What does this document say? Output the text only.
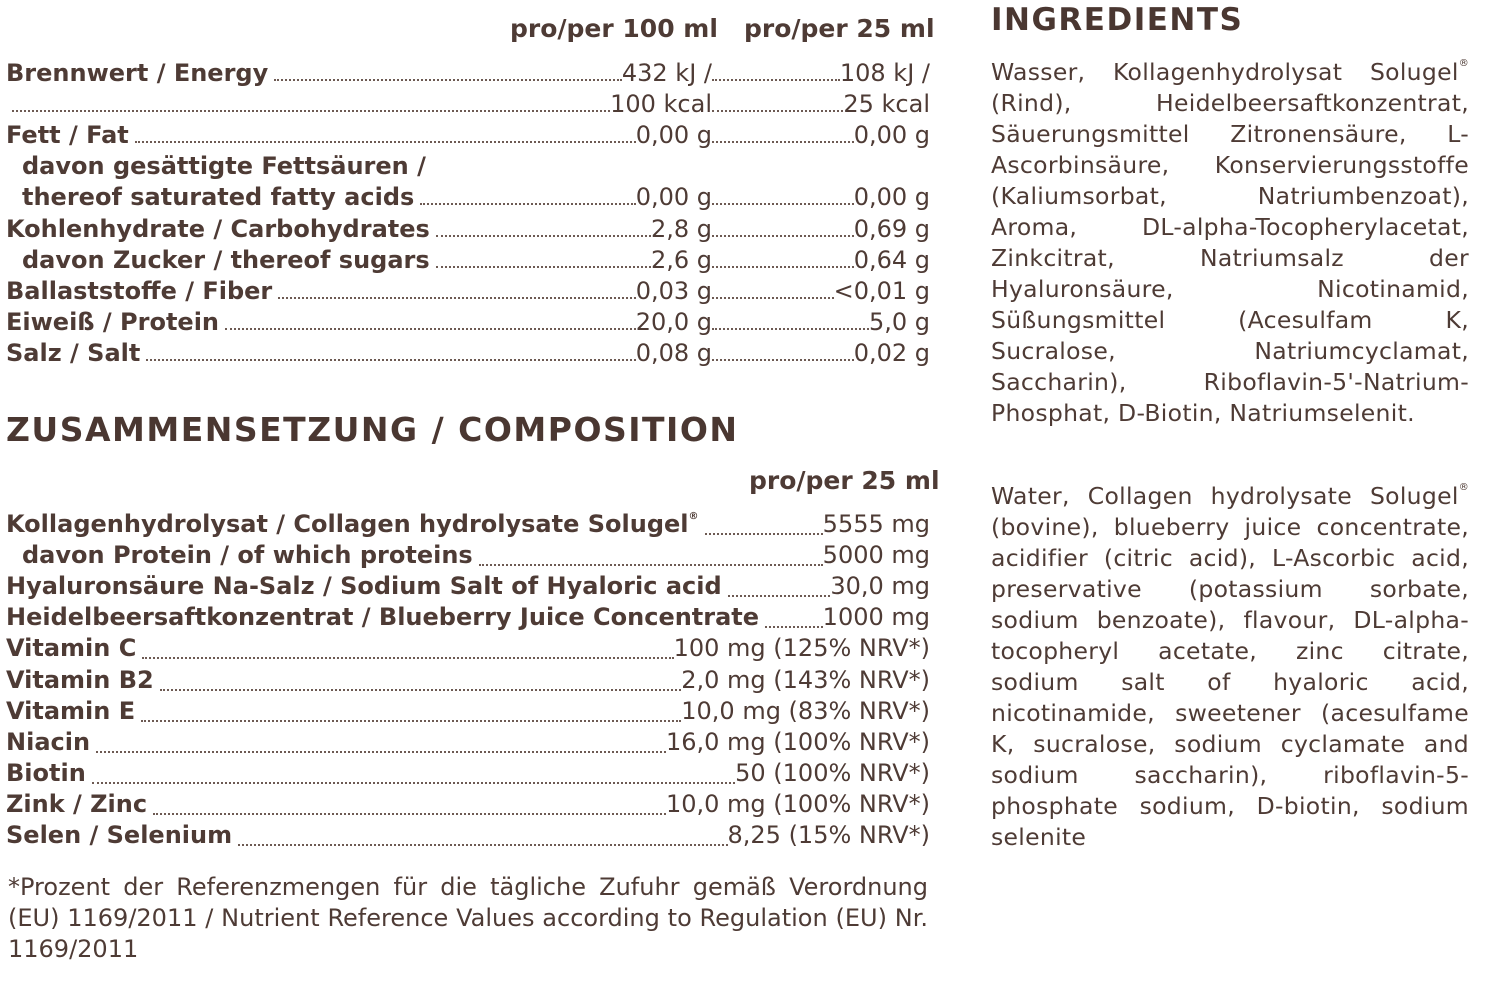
pro/per 100 ml pro/per 25 ml
Brennwert / Energy	432 kJ /	108 kJ /
100 kcal	25 kcal
Fett / Fat	0,00 g	0,00 g
davon gesättigte Fettsäuren /
thereof saturated fatty acids	0,00 g	0,00 g
Kohlenhydrate / Carbohydrates	2,8 g	0,69 g
davon Zucker / thereof sugars	2,6 g	0,64 g
Ballaststoffe / Fiber	0,03 g	<0,01 g
Eiweiß / Protein	20,0 g	5,0 g
Salz / Salt	0,08 g	0,02 g
ZUSAMMENSETZUNG / COMPOSITION
pro/per 25 ml
Kollagenhydrolysat / Collagen hydrolysate Solugel®	5555 mg
davon Protein / of which proteins	5000 mg
Hyaluronsäure Na-Salz / Sodium Salt of Hyaloric acid	30,0 mg
Heidelbeersaftkonzentrat / Blueberry Juice Concentrate	1000 mg
Vitamin C	100 mg (125% NRV*)
Vitamin B2	2,0 mg (143% NRV*)
Vitamin E	10,0 mg (83% NRV*)
Niacin	16,0 mg (100% NRV*)
Biotin	50 (100% NRV*)
Zink / Zinc	10,0 mg (100% NRV*)
Selen / Selenium	8,25 (15% NRV*)
*Prozent der Referenzmengen für die tägliche Zufuhr gemäß Verordnung (EU) 1169/2011 / Nutrient Reference Values according to Regulation (EU) Nr. 1169/2011
INGREDIENTS
Wasser, Kollagenhydrolysat Solugel® (Rind), Heidelbeersaftkonzentrat, Säuerungsmittel Zitronensäure, L-Ascorbinsäure, Konservierungsstoffe (Kaliumsorbat, Natriumbenzoat), Aroma, DL-alpha-Tocopherylacetat, Zinkcitrat, Natriumsalz der Hyaluronsäure, Nicotinamid, Süßungsmittel (Acesulfam K, Sucralose, Natriumcyclamat, Saccharin), Riboflavin-5'-Natrium-Phosphat, D-Biotin, Natriumselenit.
Water, Collagen hydrolysate Solugel® (bovine), blueberry juice concentrate, acidifier (citric acid), L-Ascorbic acid, preservative (potassium sorbate, sodium benzoate), flavour, DL-alpha-tocopheryl acetate, zinc citrate, sodium salt of hyaloric acid, nicotinamide, sweetener (acesulfame K, sucralose, sodium cyclamate and sodium saccharin), riboflavin-5-phosphate sodium, D-biotin, sodium selenite
